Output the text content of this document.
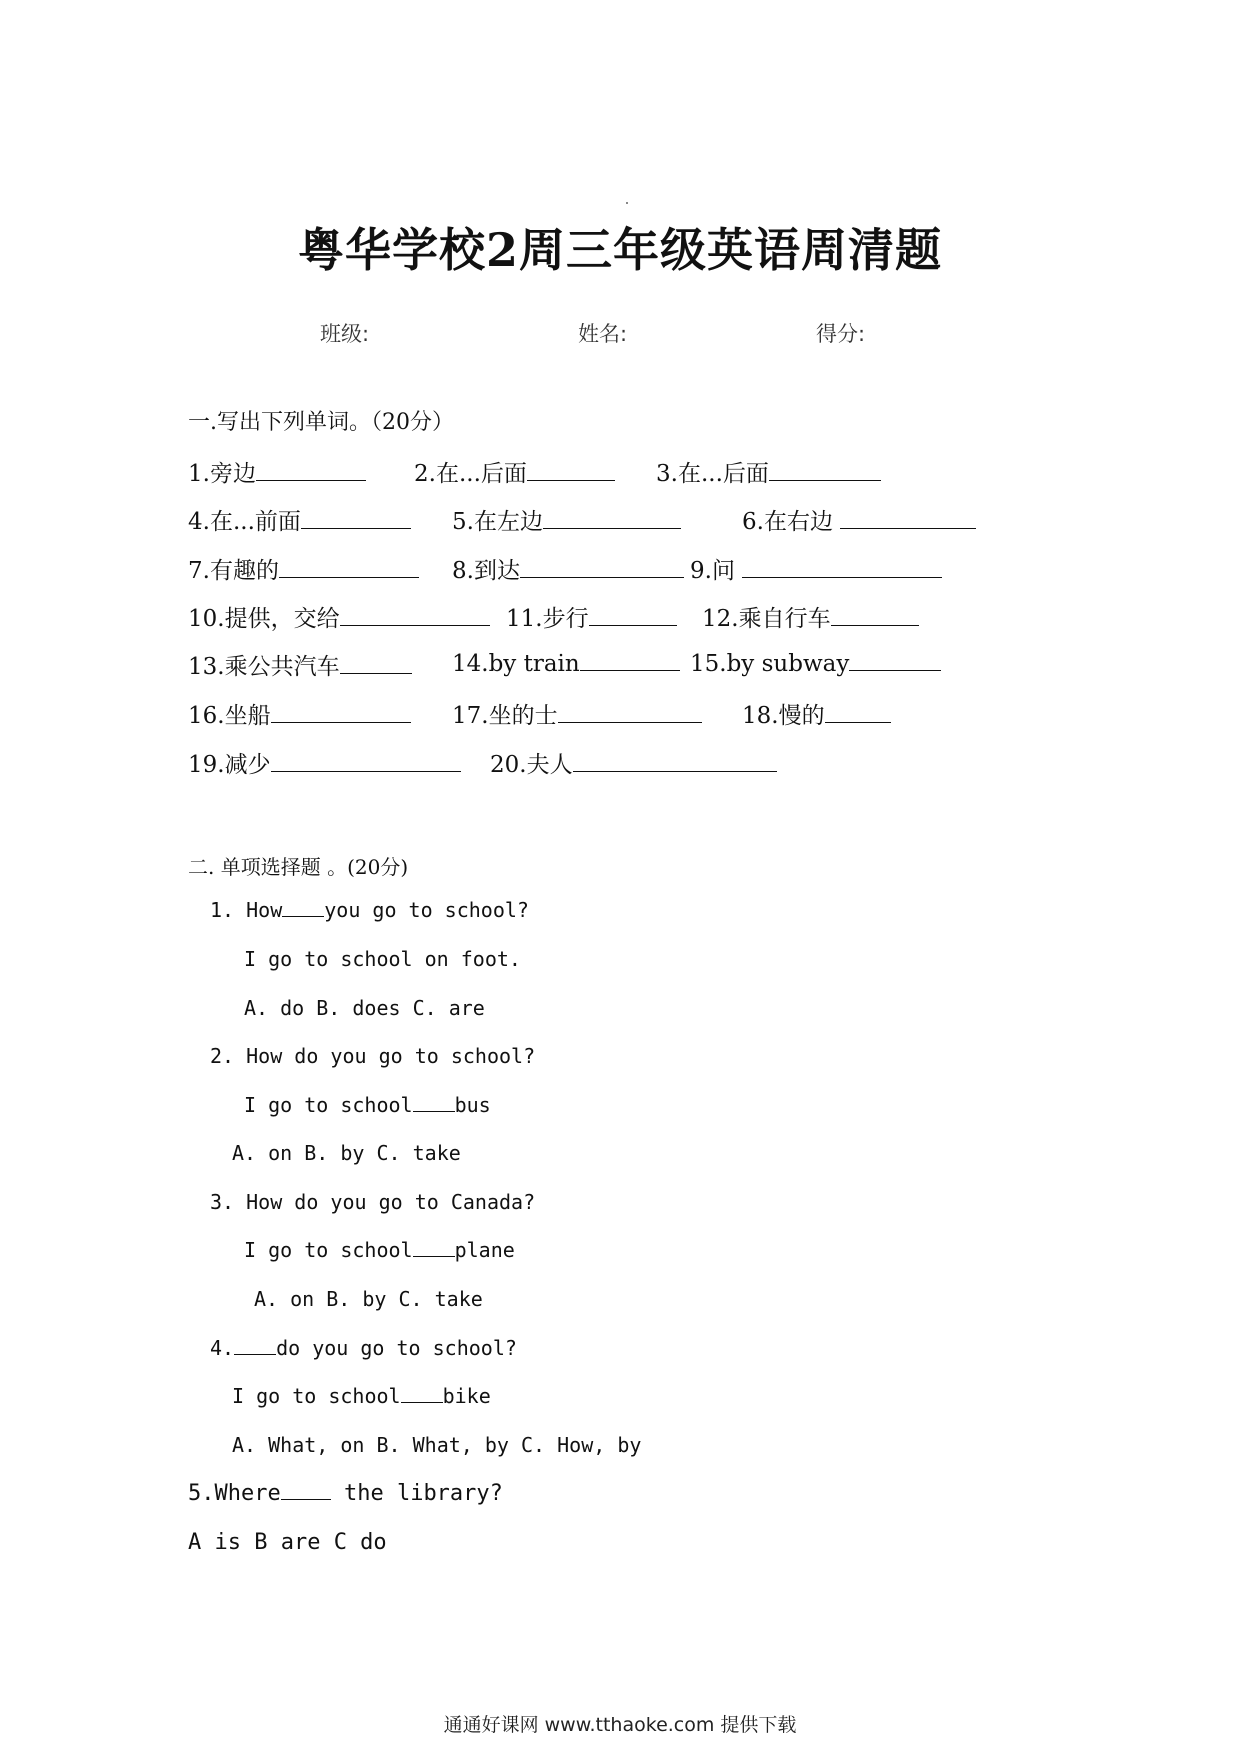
粤华学校2周三年级英语周清题
班级:	姓名:	得分:
一.写出下列单词。（20分）
1.旁边	2.在...后面	3.在...后面
4.在...前面	5.在左边	6.在右边
7.有趣的	8.到达	9.问
10.提供，交给	11.步行	12.乘自行车
13.乘公共汽车	14.by train	15.by subway
16.坐船	17.坐的士	18.慢的
19.减少	20.夫人
二. 单项选择题 。(20分)
1. How you go to school?
I go to school on foot.
A. do B. does C. are
2. How do you go to school?
I go to school bus
A. on B. by C. take
3. How do you go to Canada?
I go to school plane
A. on B. by C. take
4. do you go to school?
I go to school bike
A. What, on B. What, by C. How, by
5.Where	the library?
A is B are C do
通通好课网 www.tthaoke.com 提供下载
